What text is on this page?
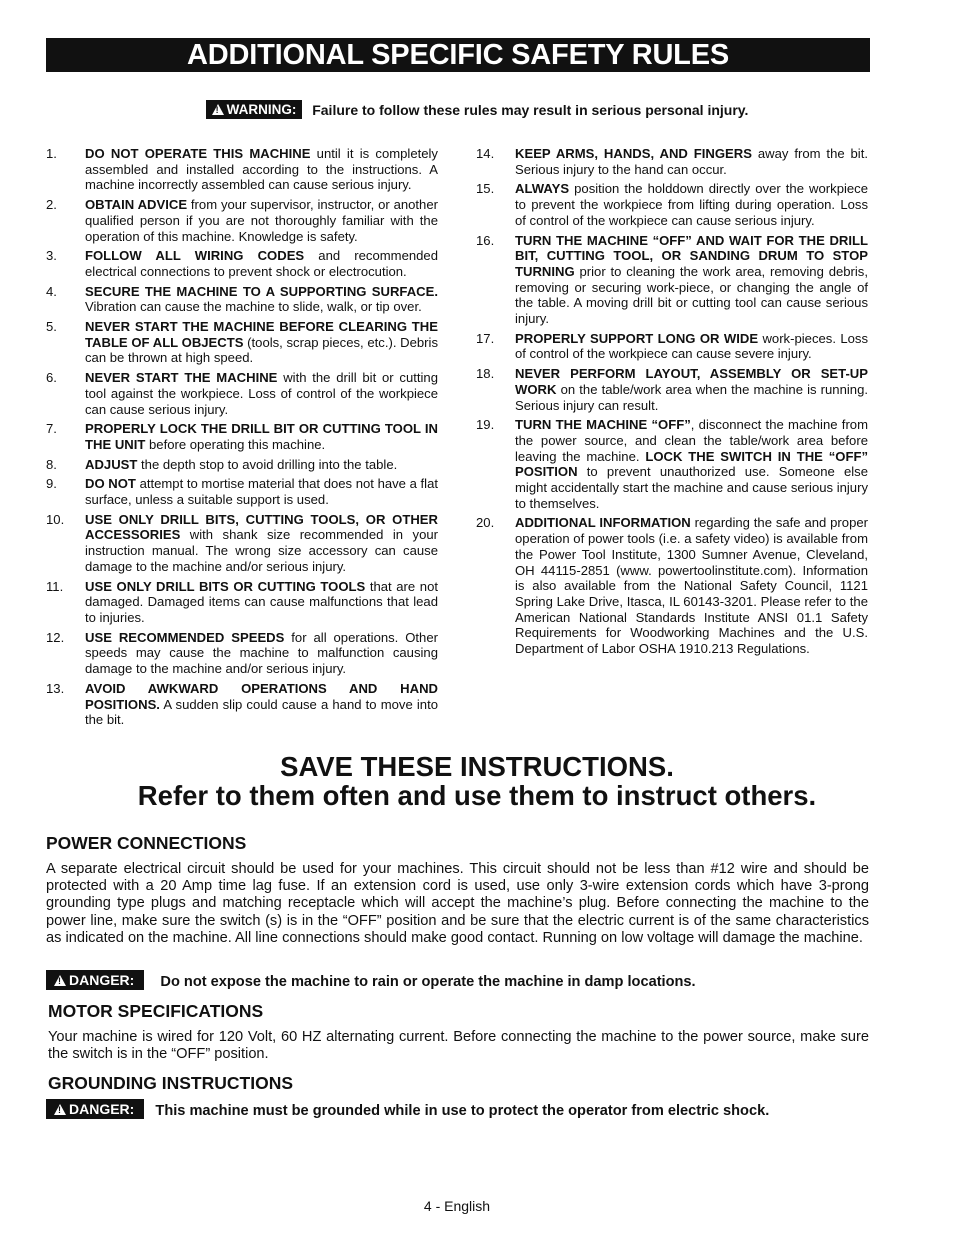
ADDITIONAL SPECIFIC SAFETY RULES
! WARNING: Failure to follow these rules may result in serious personal injury.
1. DO NOT OPERATE THIS MACHINE until it is completely assembled and installed according to the instructions. A machine incorrectly assembled can cause serious injury.
2. OBTAIN ADVICE from your supervisor, instructor, or another qualified person if you are not thoroughly familiar with the operation of this machine. Knowledge is safety.
3. FOLLOW ALL WIRING CODES and recommended electrical connections to prevent shock or electrocution.
4. SECURE THE MACHINE TO A SUPPORTING SURFACE. Vibration can cause the machine to slide, walk, or tip over.
5. NEVER START THE MACHINE BEFORE CLEARING THE TABLE OF ALL OBJECTS (tools, scrap pieces, etc.). Debris can be thrown at high speed.
6. NEVER START THE MACHINE with the drill bit or cutting tool against the workpiece. Loss of control of the workpiece can cause serious injury.
7. PROPERLY LOCK THE DRILL BIT OR CUTTING TOOL IN THE UNIT before operating this machine.
8. ADJUST the depth stop to avoid drilling into the table.
9. DO NOT attempt to mortise material that does not have a flat surface, unless a suitable support is used.
10. USE ONLY DRILL BITS, CUTTING TOOLS, OR OTHER ACCESSORIES with shank size recommended in your instruction manual. The wrong size accessory can cause damage to the machine and/or serious injury.
11. USE ONLY DRILL BITS OR CUTTING TOOLS that are not damaged. Damaged items can cause malfunctions that lead to injuries.
12. USE RECOMMENDED SPEEDS for all operations. Other speeds may cause the machine to malfunction causing damage to the machine and/or serious injury.
13. AVOID AWKWARD OPERATIONS AND HAND POSITIONS. A sudden slip could cause a hand to move into the bit.
14. KEEP ARMS, HANDS, AND FINGERS away from the bit. Serious injury to the hand can occur.
15. ALWAYS position the holddown directly over the workpiece to prevent the workpiece from lifting during operation. Loss of control of the workpiece can cause serious injury.
16. TURN THE MACHINE “OFF” AND WAIT FOR THE DRILL BIT, CUTTING TOOL, OR SANDING DRUM TO STOP TURNING prior to cleaning the work area, removing debris, removing or securing work-piece, or changing the angle of the table. A moving drill bit or cutting tool can cause serious injury.
17. PROPERLY SUPPORT LONG OR WIDE work-pieces. Loss of control of the workpiece can cause severe injury.
18. NEVER PERFORM LAYOUT, ASSEMBLY OR SET-UP WORK on the table/work area when the machine is running. Serious injury can result.
19. TURN THE MACHINE “OFF”, disconnect the machine from the power source, and clean the table/work area before leaving the machine. LOCK THE SWITCH IN THE “OFF” POSITION to prevent unauthorized use. Someone else might accidentally start the machine and cause serious injury to themselves.
20. ADDITIONAL INFORMATION regarding the safe and proper operation of power tools (i.e. a safety video) is available from the Power Tool Institute, 1300 Sumner Avenue, Cleveland, OH 44115-2851 (www. powertoolinstitute.com). Information is also available from the National Safety Council, 1121 Spring Lake Drive, Itasca, IL 60143-3201. Please refer to the American National Standards Institute ANSI 01.1 Safety Requirements for Woodworking Machines and the U.S. Department of Labor OSHA 1910.213 Regulations.
SAVE THESE INSTRUCTIONS.
Refer to them often and use them to instruct others.
POWER CONNECTIONS

A separate electrical circuit should be used for your machines. This circuit should not be less than #12 wire and should be protected with a 20 Amp time lag fuse. If an extension cord is used, use only 3-wire extension cords which have 3-prong grounding type plugs and matching receptacle which will accept the machine’s plug. Before connecting the machine to the power line, make sure the switch (s) is in the “OFF” position and be sure that the electric current is of the same characteristics as indicated on the machine. All line connections should make good contact. Running on low voltage will damage the machine.

! DANGER: Do not expose the machine to rain or operate the machine in damp locations.
MOTOR SPECIFICATIONS

Your machine is wired for 120 Volt, 60 HZ alternating current. Before connecting the machine to the power source, make sure the switch is in the “OFF” position.

GROUNDING INSTRUCTIONS
! DANGER: This machine must be grounded while in use to protect the operator from electric shock.
4 - English
